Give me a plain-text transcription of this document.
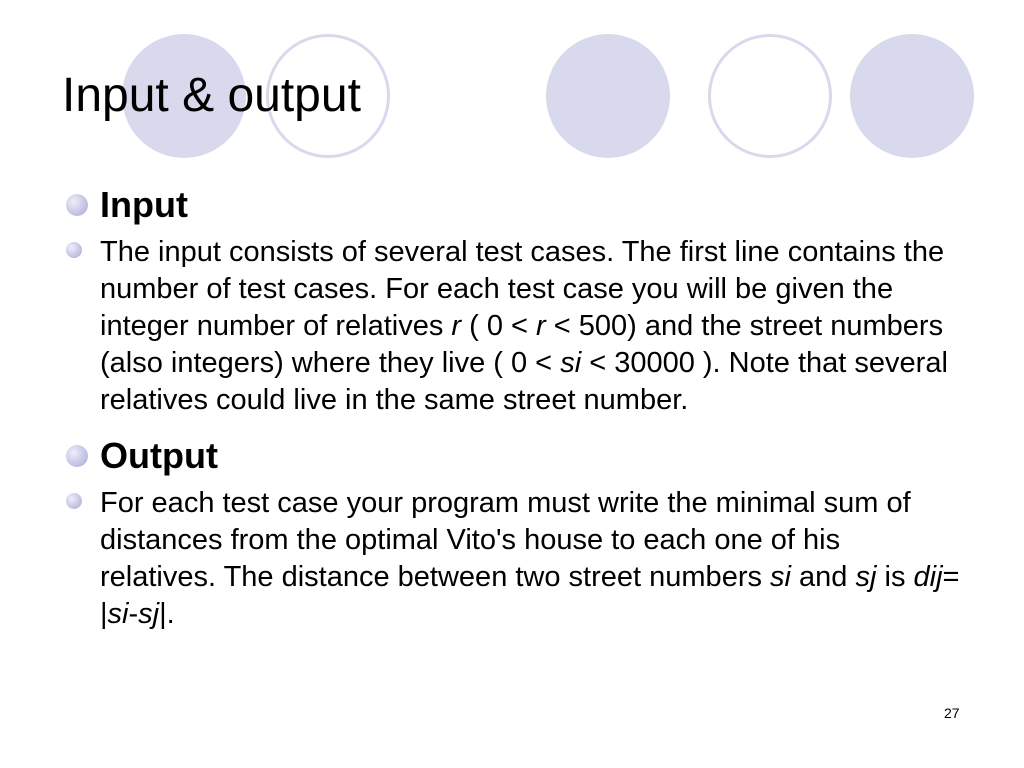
Input & output
Input
The input consists of several test cases. The first line contains the number of test cases. For each test case you will be given the integer number of relatives r ( 0 < r < 500) and the street numbers (also integers) where they live ( 0 < si < 30000 ). Note that several relatives could live in the same street number.
Output
For each test case your program must write the minimal sum of distances from the optimal Vito's house to each one of his relatives. The distance between two street numbers si and sj is dij= |si-sj|.
27
